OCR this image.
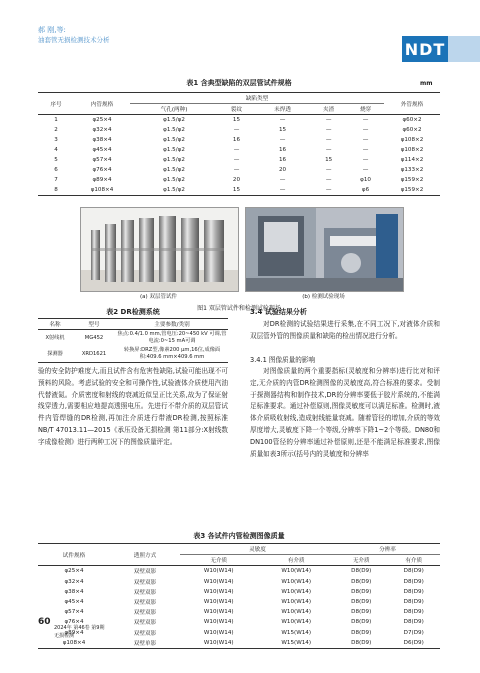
郝 刚,等:
油套管无损检测技术分析	NDT
表1 含典型缺陷的双层管试件规格	mm
序号	内管规格	缺陷类型					外管规格
		气孔(两种)	裂纹	未焊透	夹渣	烧穿	
1	φ25×4	φ1.5/φ2	15	—	—	—	φ60×2
2	φ32×4	φ1.5/φ2	—	15	—	—	φ60×2
3	φ38×4	φ1.5/φ2	16	—	—	—	φ108×2
4	φ45×4	φ1.5/φ2	—	16	—	—	φ108×2
5	φ57×4	φ1.5/φ2	—	16	15	—	φ114×2
6	φ76×4	φ1.5/φ2	—	20	—	—	φ133×2
7	φ89×4	φ1.5/φ2	20	—	—	φ10	φ159×2
8	φ108×4	φ1.5/φ2	15	—	—	φ6	φ159×2
(a) 双层管试件	(b) 检测试验现场
图1 双层管试件和检测试验现场
表2 DR检测系统
名称	型号	主要参数/类别
X射线机	MG452	焦点:0.4/1.0 mm,管电压:20~450 kV 可调,管电流:0~15 mA可调
探测器	XRD1621	转换屏:DRZ型,像素200 μm,16位,成像面积:409.6 mm×409.6 mm
验的安全防护难度大,而且试件含有危害性缺陷,试验可能出现不可预料的风险。考虑试验的安全和可操作性,试验液体介质使用汽油代替液氮。介质密度和射线的衰减近似呈正比关系,故为了保证射线穿透力,需要相应地提高透照电压。先进行不带介质的双层管试件内管焊缝的DR检测,再加注介质进行带液DR检测,按照标准NB/T 47013.11—2015《承压设备无损检测 第11部分:X射线数字成像检测》进行两种工况下的图像质量评定。
3.4 试验结果分析
对DR检测的试验结果进行采集,在不同工况下,对液体介质和双层管外管的图像质量和缺陷的检出情况进行分析。
3.4.1 图像质量的影响
对图像质量的两个重要指标(灵敏度和分辨率)进行比对和评定,无介质的内管DR检测图像的灵敏度高,符合标准的要求。受制于探测器结构和制作技术,DR的分辨率要低于胶片系统的,不能满足标准要求。通过补偿原则,图像灵敏度可以满足标准。检测时,液体介质吸收射线,造成射线能量衰减。随着管径的增加,介质的等效厚度增大,灵敏度下降一个等级,分辨率下降1~2个等级。DN80和DN100管径的分辨率通过补偿原则,还是不能满足标准要求,图像质量如表3所示(括号内的灵敏度和分辨率
表3 各试件内管检测图像质量
试件规格	透照方式	灵敏度		分辨率	
		无介质	有介质	无介质	有介质
φ25×4	双壁双影	W10(W14)	W10(W14)	D8(D9)	D8(D9)
φ32×4	双壁双影	W10(W14)	W10(W14)	D8(D9)	D8(D9)
φ38×4	双壁双影	W10(W14)	W10(W14)	D8(D9)	D8(D9)
φ45×4	双壁双影	W10(W14)	W10(W14)	D8(D9)	D8(D9)
φ57×4	双壁双影	W10(W14)	W10(W14)	D8(D9)	D8(D9)
φ76×4	双壁双影	W10(W14)	W10(W14)	D8(D9)	D8(D9)
φ89×4	双壁双影	W10(W14)	W15(W14)	D8(D9)	D7(D9)
φ108×4	双壁单影	W10(W14)	W15(W14)	D8(D9)	D6(D9)
60
2024年 第46卷 第9期
无损检测
